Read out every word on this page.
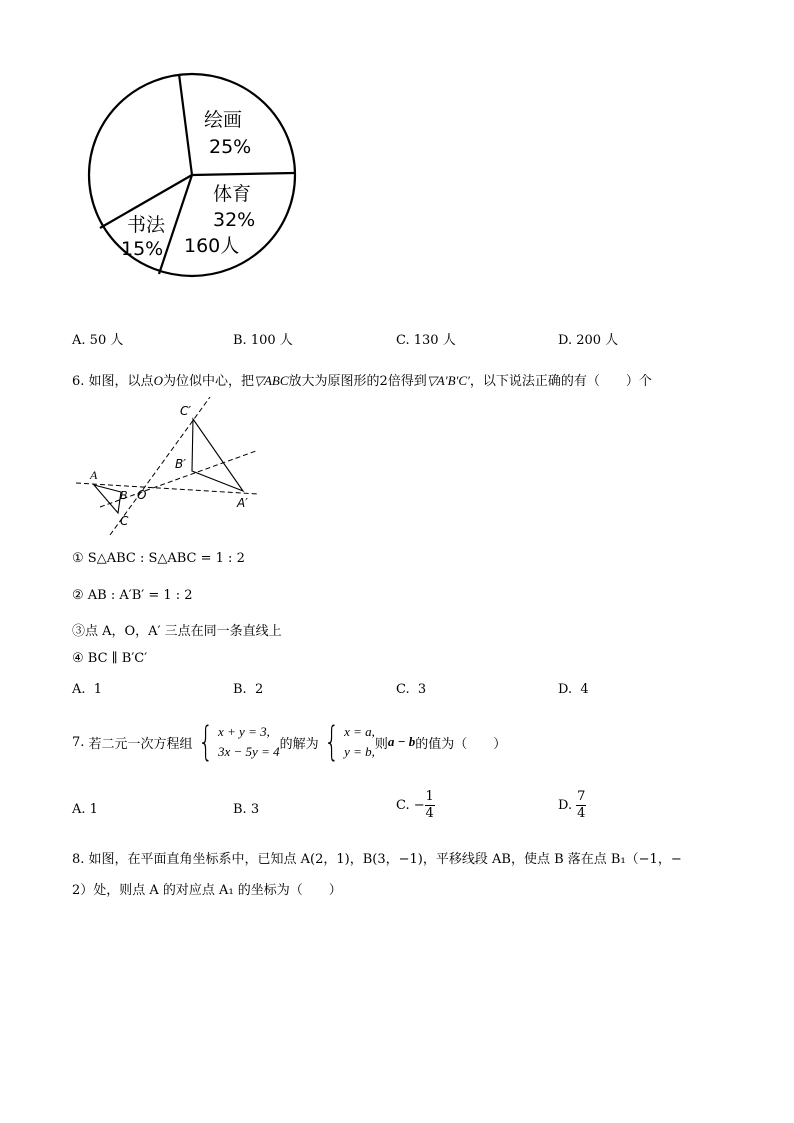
绘画
25%
体育
32%
160人
书法
15%
A. 50 人	B. 100 人	C. 130 人	D. 200 人
6. 如图，以点O为位似中心，把▽ABC放大为原图形的2倍得到▽A′B′C′，以下说法正确的有（　　）个
A
B
C
O
A′
B′
C′
① S△ABC : S△ABC = 1 : 2
② AB : A′B′ = 1 : 2
③点 A，O，A′ 三点在同一条直线上
④ BC ∥ B′C′
A. 1	B. 2	C. 3	D. 4
7.
若二元一次方程组 { x + y = 3,
3x − 5y = 4 的解为 { x = a,
y = b, 则 a − b 的值为（　　）
A. 1	B. 3	C.
− $\frac{1}{4}$	D.
$\frac{7}{4}$
8. 如图，在平面直角坐标系中，已知点 A(2，1)，B(3，−1)，平移线段 AB，使点 B 落在点 B₁（−1，−
2）处，则点 A 的对应点 A₁ 的坐标为（　　）
